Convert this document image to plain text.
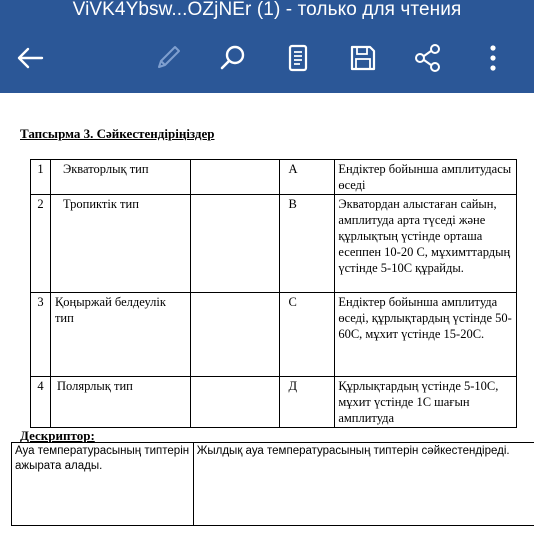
ViVK4Ybsw...OZjNEr (1) - только для чтения
Тапсырма 3. Сәйкестендіріңіздер
1	Экваторлық тип		А	Ендіктер бойынша амплитудасы өседі
2	Тропиктік тип		В	Экватордан алыстаған сайын, амплитуда арта түседі және құрлықтың үстінде орташа есеппен 10-20 С, мұхимттардың үстінде 5-10С құрайды.
3	Қоңыржай белдеулік тип		С	Ендіктер бойынша амплитуда өседі, құрлықтардың үстінде 50-60С, мұхит үстінде 15-20С.
4	Полярлық тип		Д	Құрлықтардың үстінде 5-10С, мұхит үстінде 1С шағын амплитуда
Дескриптор:
Ауа температурасының типтерін ажырата алады.	Жылдық ауа температурасының типтерін сәйкестендіреді.
